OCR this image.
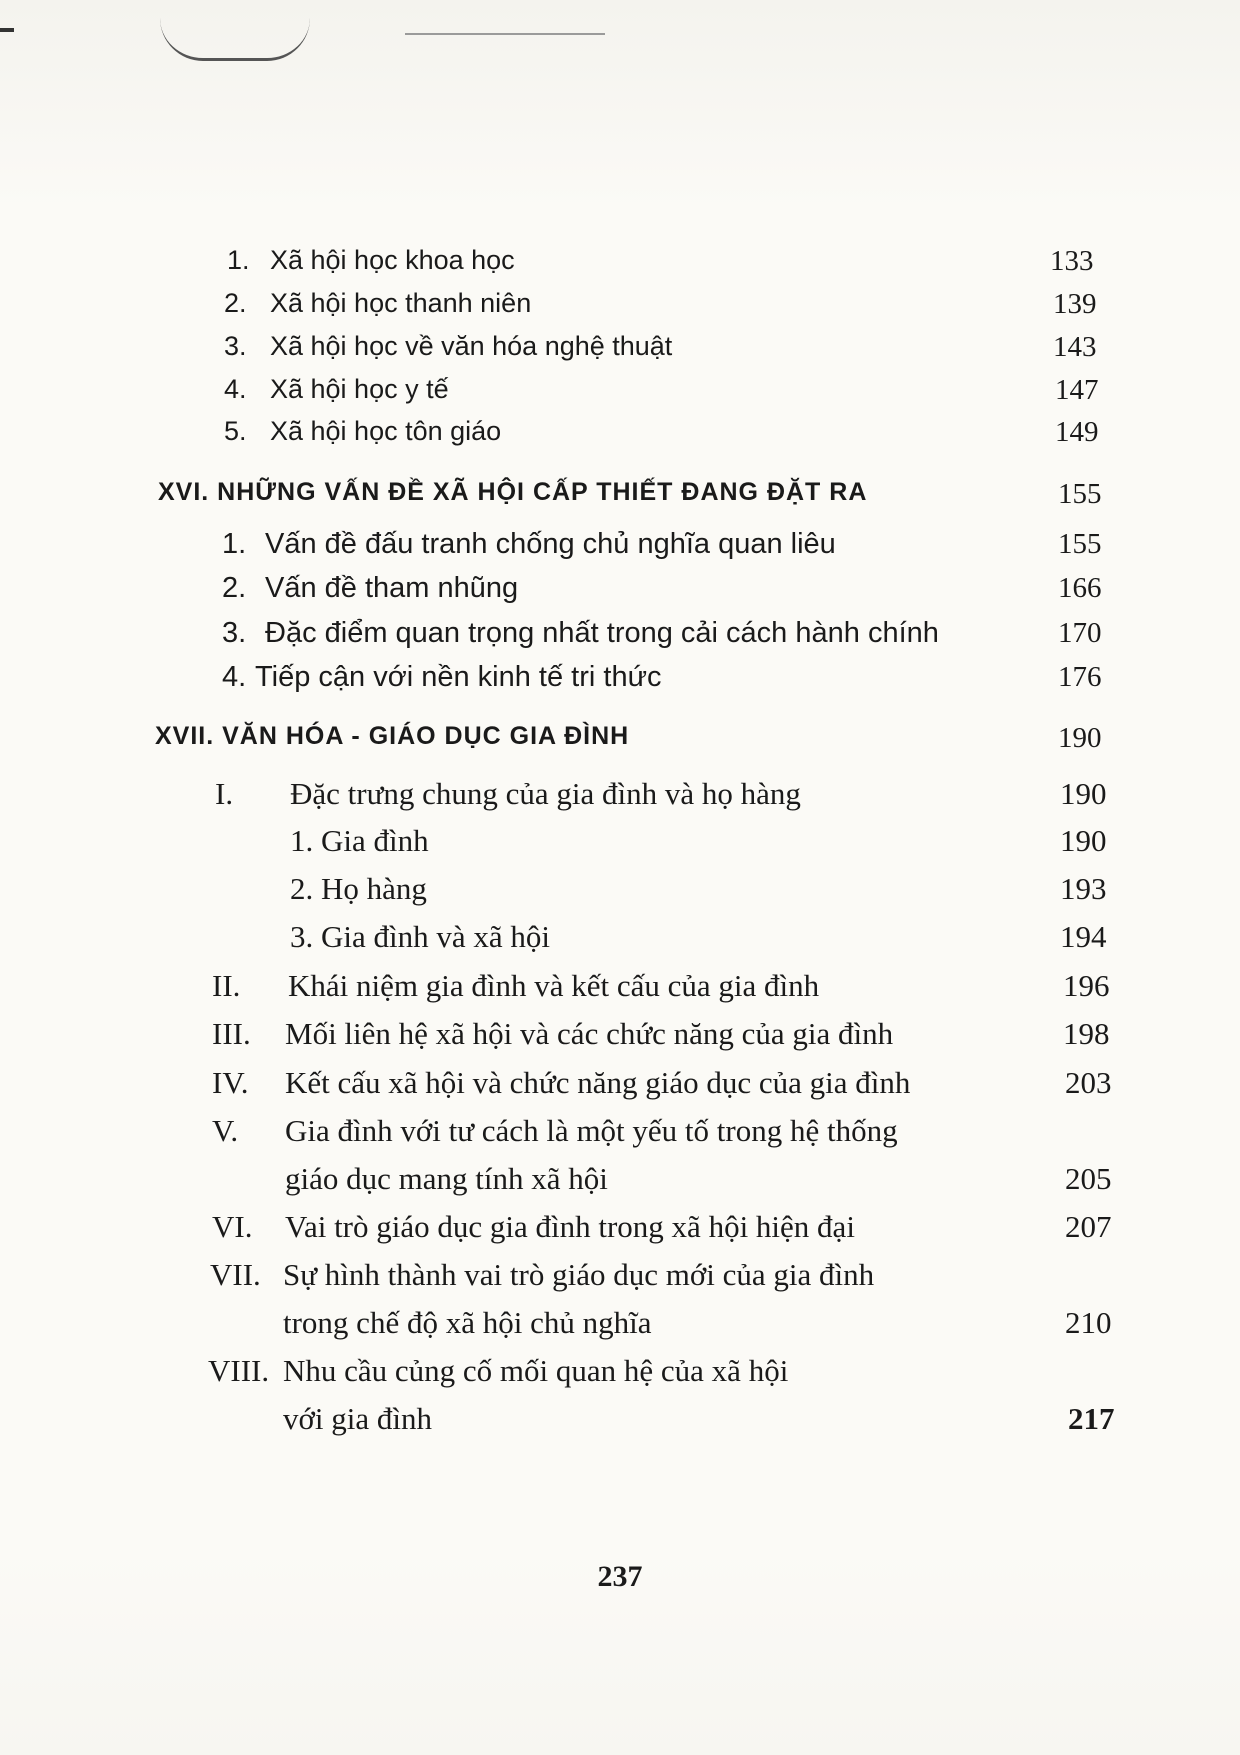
1. Xã hội học khoa học	133
2. Xã hội học thanh niên	139
3. Xã hội học về văn hóa nghệ thuật	143
4. Xã hội học y tế	147
5. Xã hội học tôn giáo	149
XVI. NHỮNG VẤN ĐỀ XÃ HỘI CẤP THIẾT ĐANG ĐẶT RA	155
1. Vấn đề đấu tranh chống chủ nghĩa quan liêu	155
2. Vấn đề tham nhũng	166
3. Đặc điểm quan trọng nhất trong cải cách hành chính	170
4. Tiếp cận với nền kinh tế tri thức	176
XVII. VĂN HÓA - GIÁO DỤC GIA ĐÌNH	190
I. Đặc trưng chung của gia đình và họ hàng	190
1. Gia đình	190
2. Họ hàng	193
3. Gia đình và xã hội	194
II. Khái niệm gia đình và kết cấu của gia đình	196
III. Mối liên hệ xã hội và các chức năng của gia đình	198
IV. Kết cấu xã hội và chức năng giáo dục của gia đình	203
V. Gia đình với tư cách là một yếu tố trong hệ thống
giáo dục mang tính xã hội	205
VI. Vai trò giáo dục gia đình trong xã hội hiện đại	207
VII. Sự hình thành vai trò giáo dục mới của gia đình
trong chế độ xã hội chủ nghĩa	210
VIII. Nhu cầu củng cố mối quan hệ của xã hội
với gia đình	217
237
